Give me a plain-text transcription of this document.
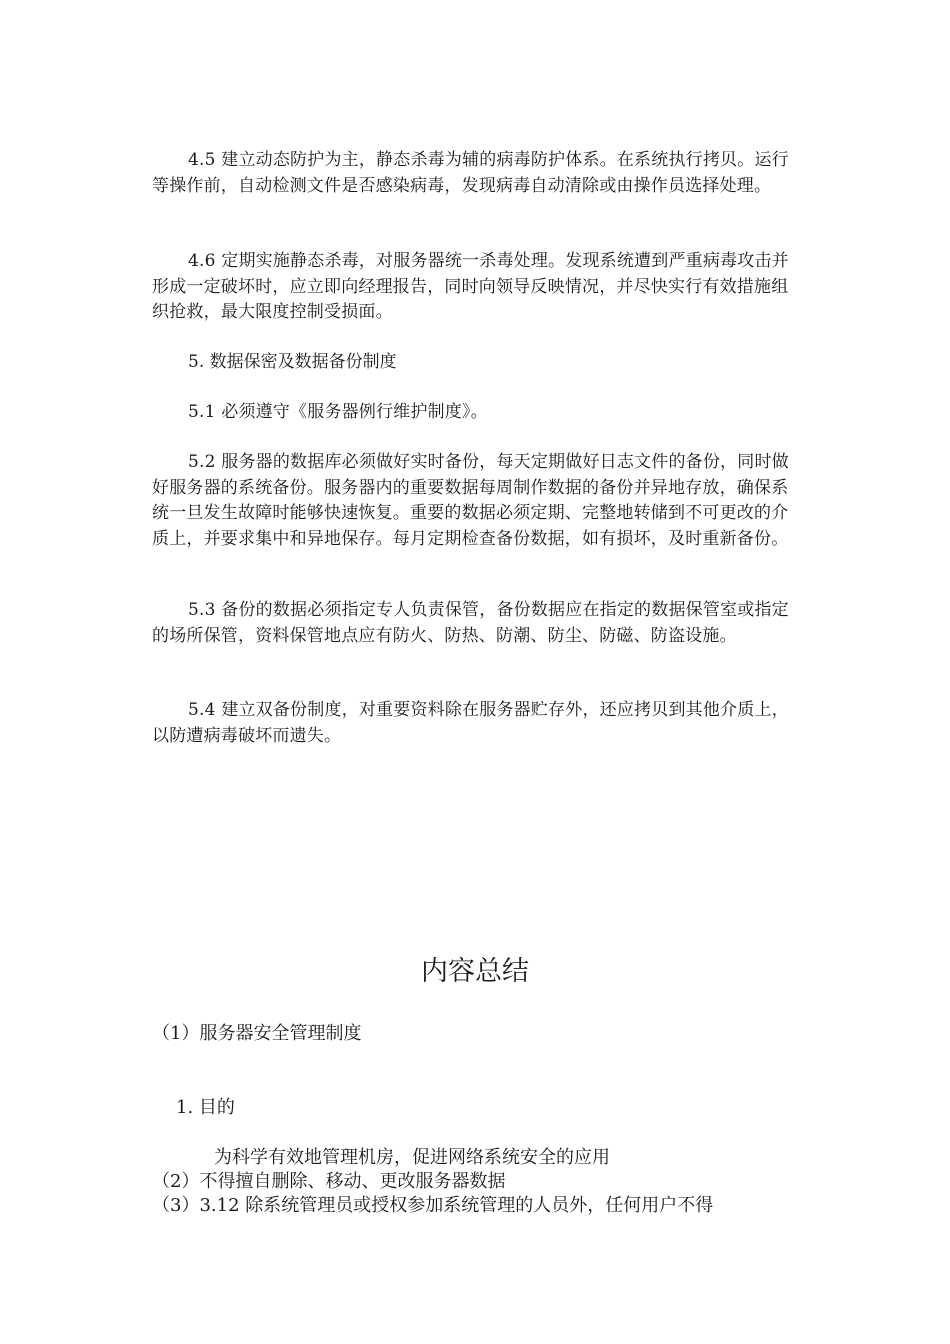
4.5 建立动态防护为主，静态杀毒为辅的病毒防护体系。在系统执行拷贝。运行等操作前，自动检测文件是否感染病毒，发现病毒自动清除或由操作员选择处理。

4.6 定期实施静态杀毒，对服务器统一杀毒处理。发现系统遭到严重病毒攻击并形成一定破坏时，应立即向经理报告，同时向领导反映情况，并尽快实行有效措施组织抢救，最大限度控制受损面。

5. 数据保密及数据备份制度

5.1 必须遵守《服务器例行维护制度》。

5.2 服务器的数据库必须做好实时备份，每天定期做好日志文件的备份，同时做好服务器的系统备份。服务器内的重要数据每周制作数据的备份并异地存放，确保系统一旦发生故障时能够快速恢复。重要的数据必须定期、完整地转储到不可更改的介质上，并要求集中和异地保存。每月定期检查备份数据，如有损坏，及时重新备份。

5.3 备份的数据必须指定专人负责保管，备份数据应在指定的数据保管室或指定的场所保管，资料保管地点应有防火、防热、防潮、防尘、防磁、防盗设施。

5.4 建立双备份制度，对重要资料除在服务器贮存外，还应拷贝到其他介质上，以防遭病毒破坏而遗失。

内容总结

（1）服务器安全管理制度

1. 目的

为科学有效地管理机房，促进网络系统安全的应用

（2）不得擅自删除、移动、更改服务器数据

（3）3.12 除系统管理员或授权参加系统管理的人员外，任何用户不得
